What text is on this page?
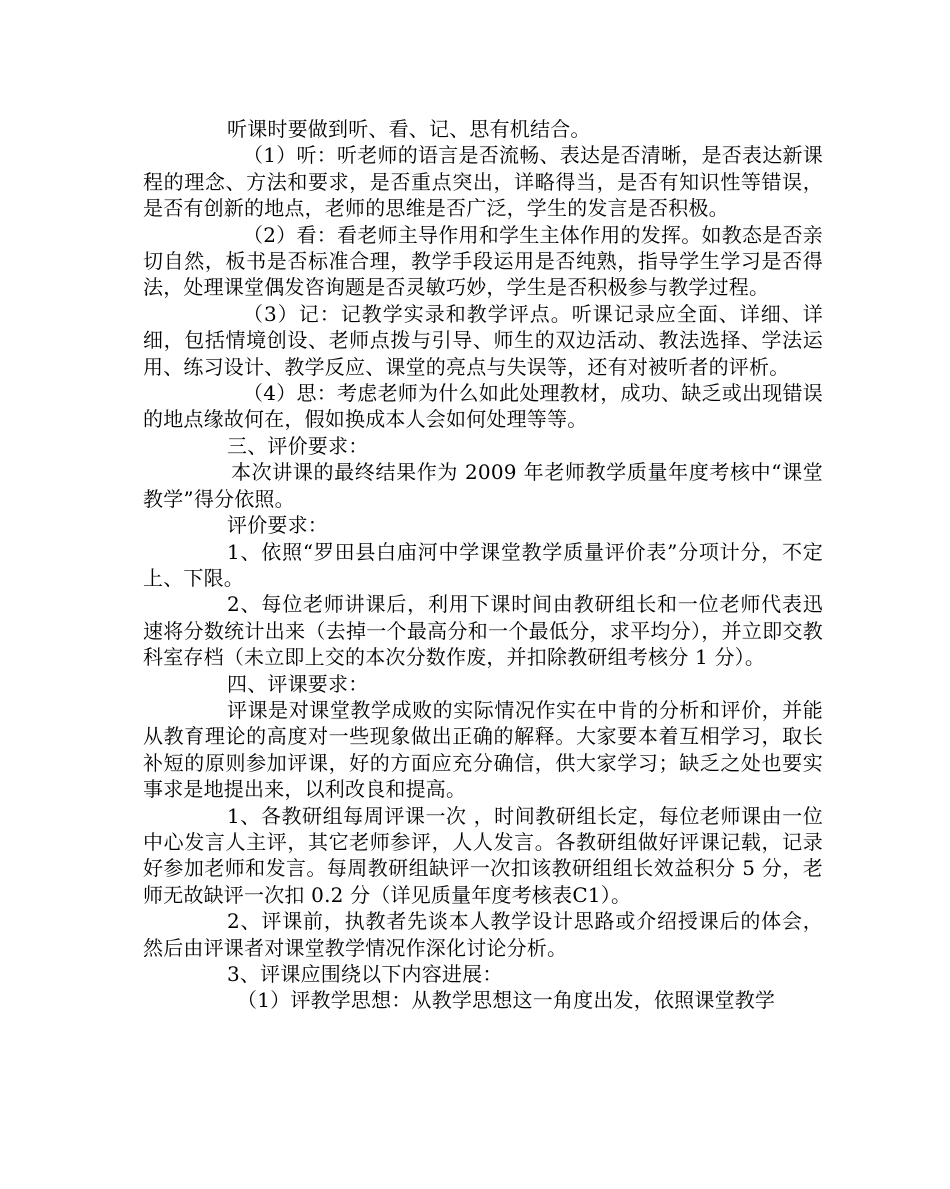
听课时要做到听、看、记、思有机结合。

（1）听：听老师的语言是否流畅、表达是否清晰，是否表达新课程的理念、方法和要求，是否重点突出，详略得当，是否有知识性等错误，是否有创新的地点，老师的思维是否广泛，学生的发言是否积极。

（2）看：看老师主导作用和学生主体作用的发挥。如教态是否亲切自然，板书是否标准合理，教学手段运用是否纯熟，指导学生学习是否得法，处理课堂偶发咨询题是否灵敏巧妙，学生是否积极参与教学过程。

（3）记：记教学实录和教学评点。听课记录应全面、详细、详细，包括情境创设、老师点拨与引导、师生的双边活动、教法选择、学法运用、练习设计、教学反应、课堂的亮点与失误等，还有对被听者的评析。

（4）思：考虑老师为什么如此处理教材，成功、缺乏或出现错误的地点缘故何在，假如换成本人会如何处理等等。

三、评价要求：

本次讲课的最终结果作为 2009 年老师教学质量年度考核中“课堂教学”得分依照。

评价要求：

1、依照“罗田县白庙河中学课堂教学质量评价表”分项计分，不定上、下限。

2、每位老师讲课后，利用下课时间由教研组长和一位老师代表迅速将分数统计出来（去掉一个最高分和一个最低分，求平均分），并立即交教科室存档（未立即上交的本次分数作废，并扣除教研组考核分 1 分）。

四、评课要求：

评课是对课堂教学成败的实际情况作实在中肯的分析和评价，并能从教育理论的高度对一些现象做出正确的解释。大家要本着互相学习，取长补短的原则参加评课，好的方面应充分确信，供大家学习；缺乏之处也要实事求是地提出来，以利改良和提高。

1、各教研组每周评课一次 ，时间教研组长定，每位老师课由一位中心发言人主评，其它老师参评，人人发言。各教研组做好评课记载，记录好参加老师和发言。每周教研组缺评一次扣该教研组组长效益积分 5 分，老师无故缺评一次扣 0.2 分（详见质量年度考核表C1）。

2、评课前，执教者先谈本人教学设计思路或介绍授课后的体会，然后由评课者对课堂教学情况作深化讨论分析。

3、评课应围绕以下内容进展：

（1）评教学思想：从教学思想这一角度出发，依照课堂教学
